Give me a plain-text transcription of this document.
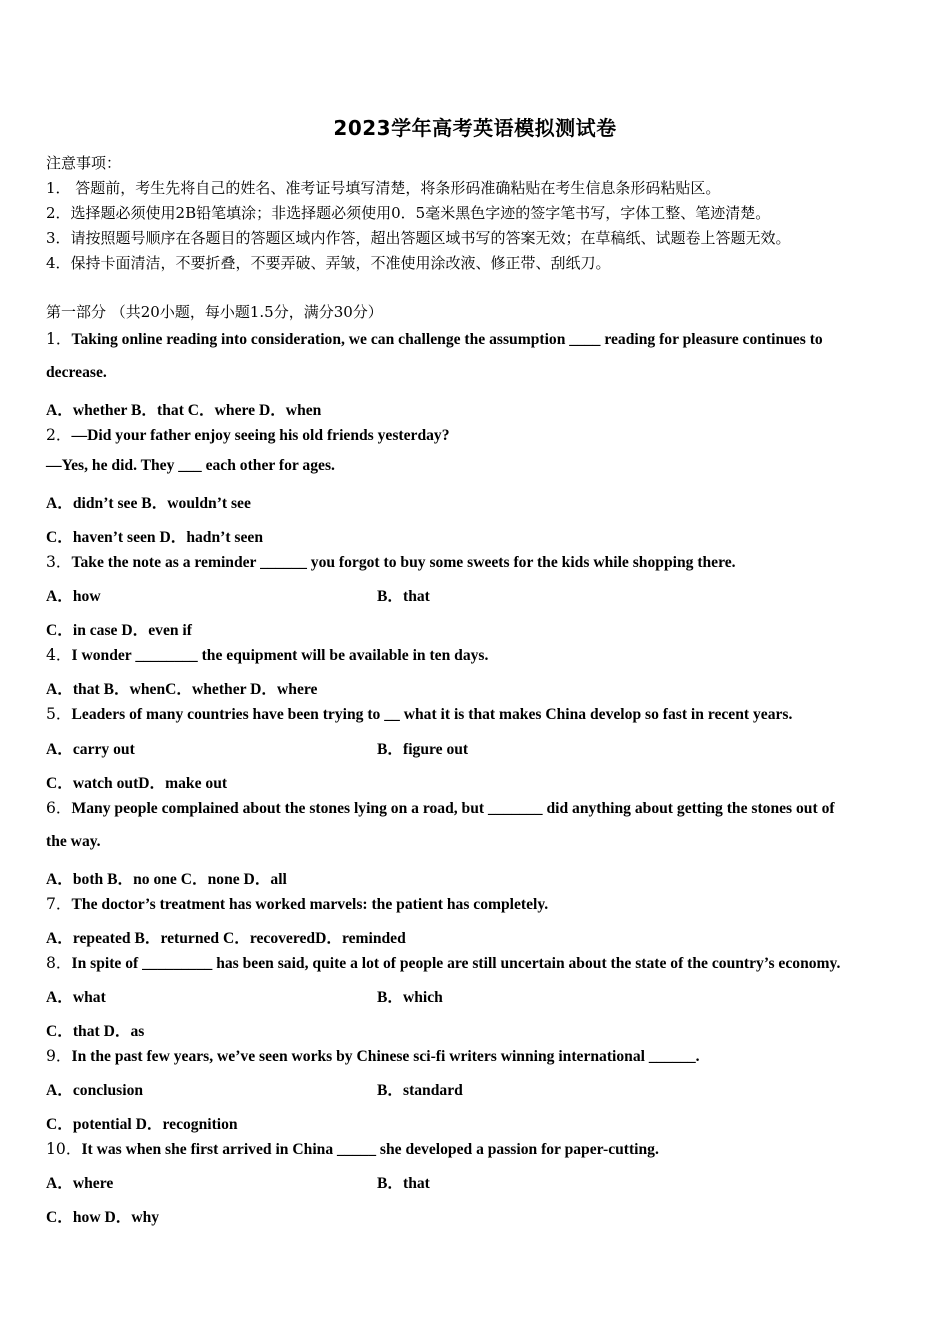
2023学年高考英语模拟测试卷
注意事项：
1． 答题前，考生先将自己的姓名、准考证号填写清楚，将条形码准确粘贴在考生信息条形码粘贴区。
2．选择题必须使用2B铅笔填涂；非选择题必须使用0．5毫米黑色字迹的签字笔书写，字体工整、笔迹清楚。
3．请按照题号顺序在各题目的答题区域内作答，超出答题区域书写的答案无效；在草稿纸、试题卷上答题无效。
4．保持卡面清洁，不要折叠，不要弄破、弄皱，不准使用涂改液、修正带、刮纸刀。
第一部分 （共20小题，每小题1.5分，满分30分）
1．Taking online reading into consideration, we can challenge the assumption ____ reading for pleasure continues to
decrease.
A．whether B．that C．where D．when
2．—Did your father enjoy seeing his old friends yesterday?
—Yes, he did. They ___ each other for ages.
A．didn’t see B．wouldn’t see
C．haven’t seen D．hadn’t seen
3．Take the note as a reminder ______ you forgot to buy some sweets for the kids while shopping there.
A．how	B．that
C．in case D．even if
4．I wonder ________ the equipment will be available in ten days.
A．that B．whenC．whether D．where
5．Leaders of many countries have been trying to __ what it is that makes China develop so fast in recent years.
A．carry out	B．figure out
C．watch outD．make out
6．Many people complained about the stones lying on a road, but _______ did anything about getting the stones out of
the way.
A．both B．no one C．none D．all
7．The doctor’s treatment has worked marvels: the patient has completely.
A．repeated B．returned C．recoveredD．reminded
8．In spite of _________ has been said, quite a lot of people are still uncertain about the state of the country’s economy.
A．what	B．which
C．that D．as
9．In the past few years, we’ve seen works by Chinese sci-fi writers winning international ______.
A．conclusion	B．standard
C．potential D．recognition
10．It was when she first arrived in China _____ she developed a passion for paper-cutting.
A．where	B．that
C．how D．why
